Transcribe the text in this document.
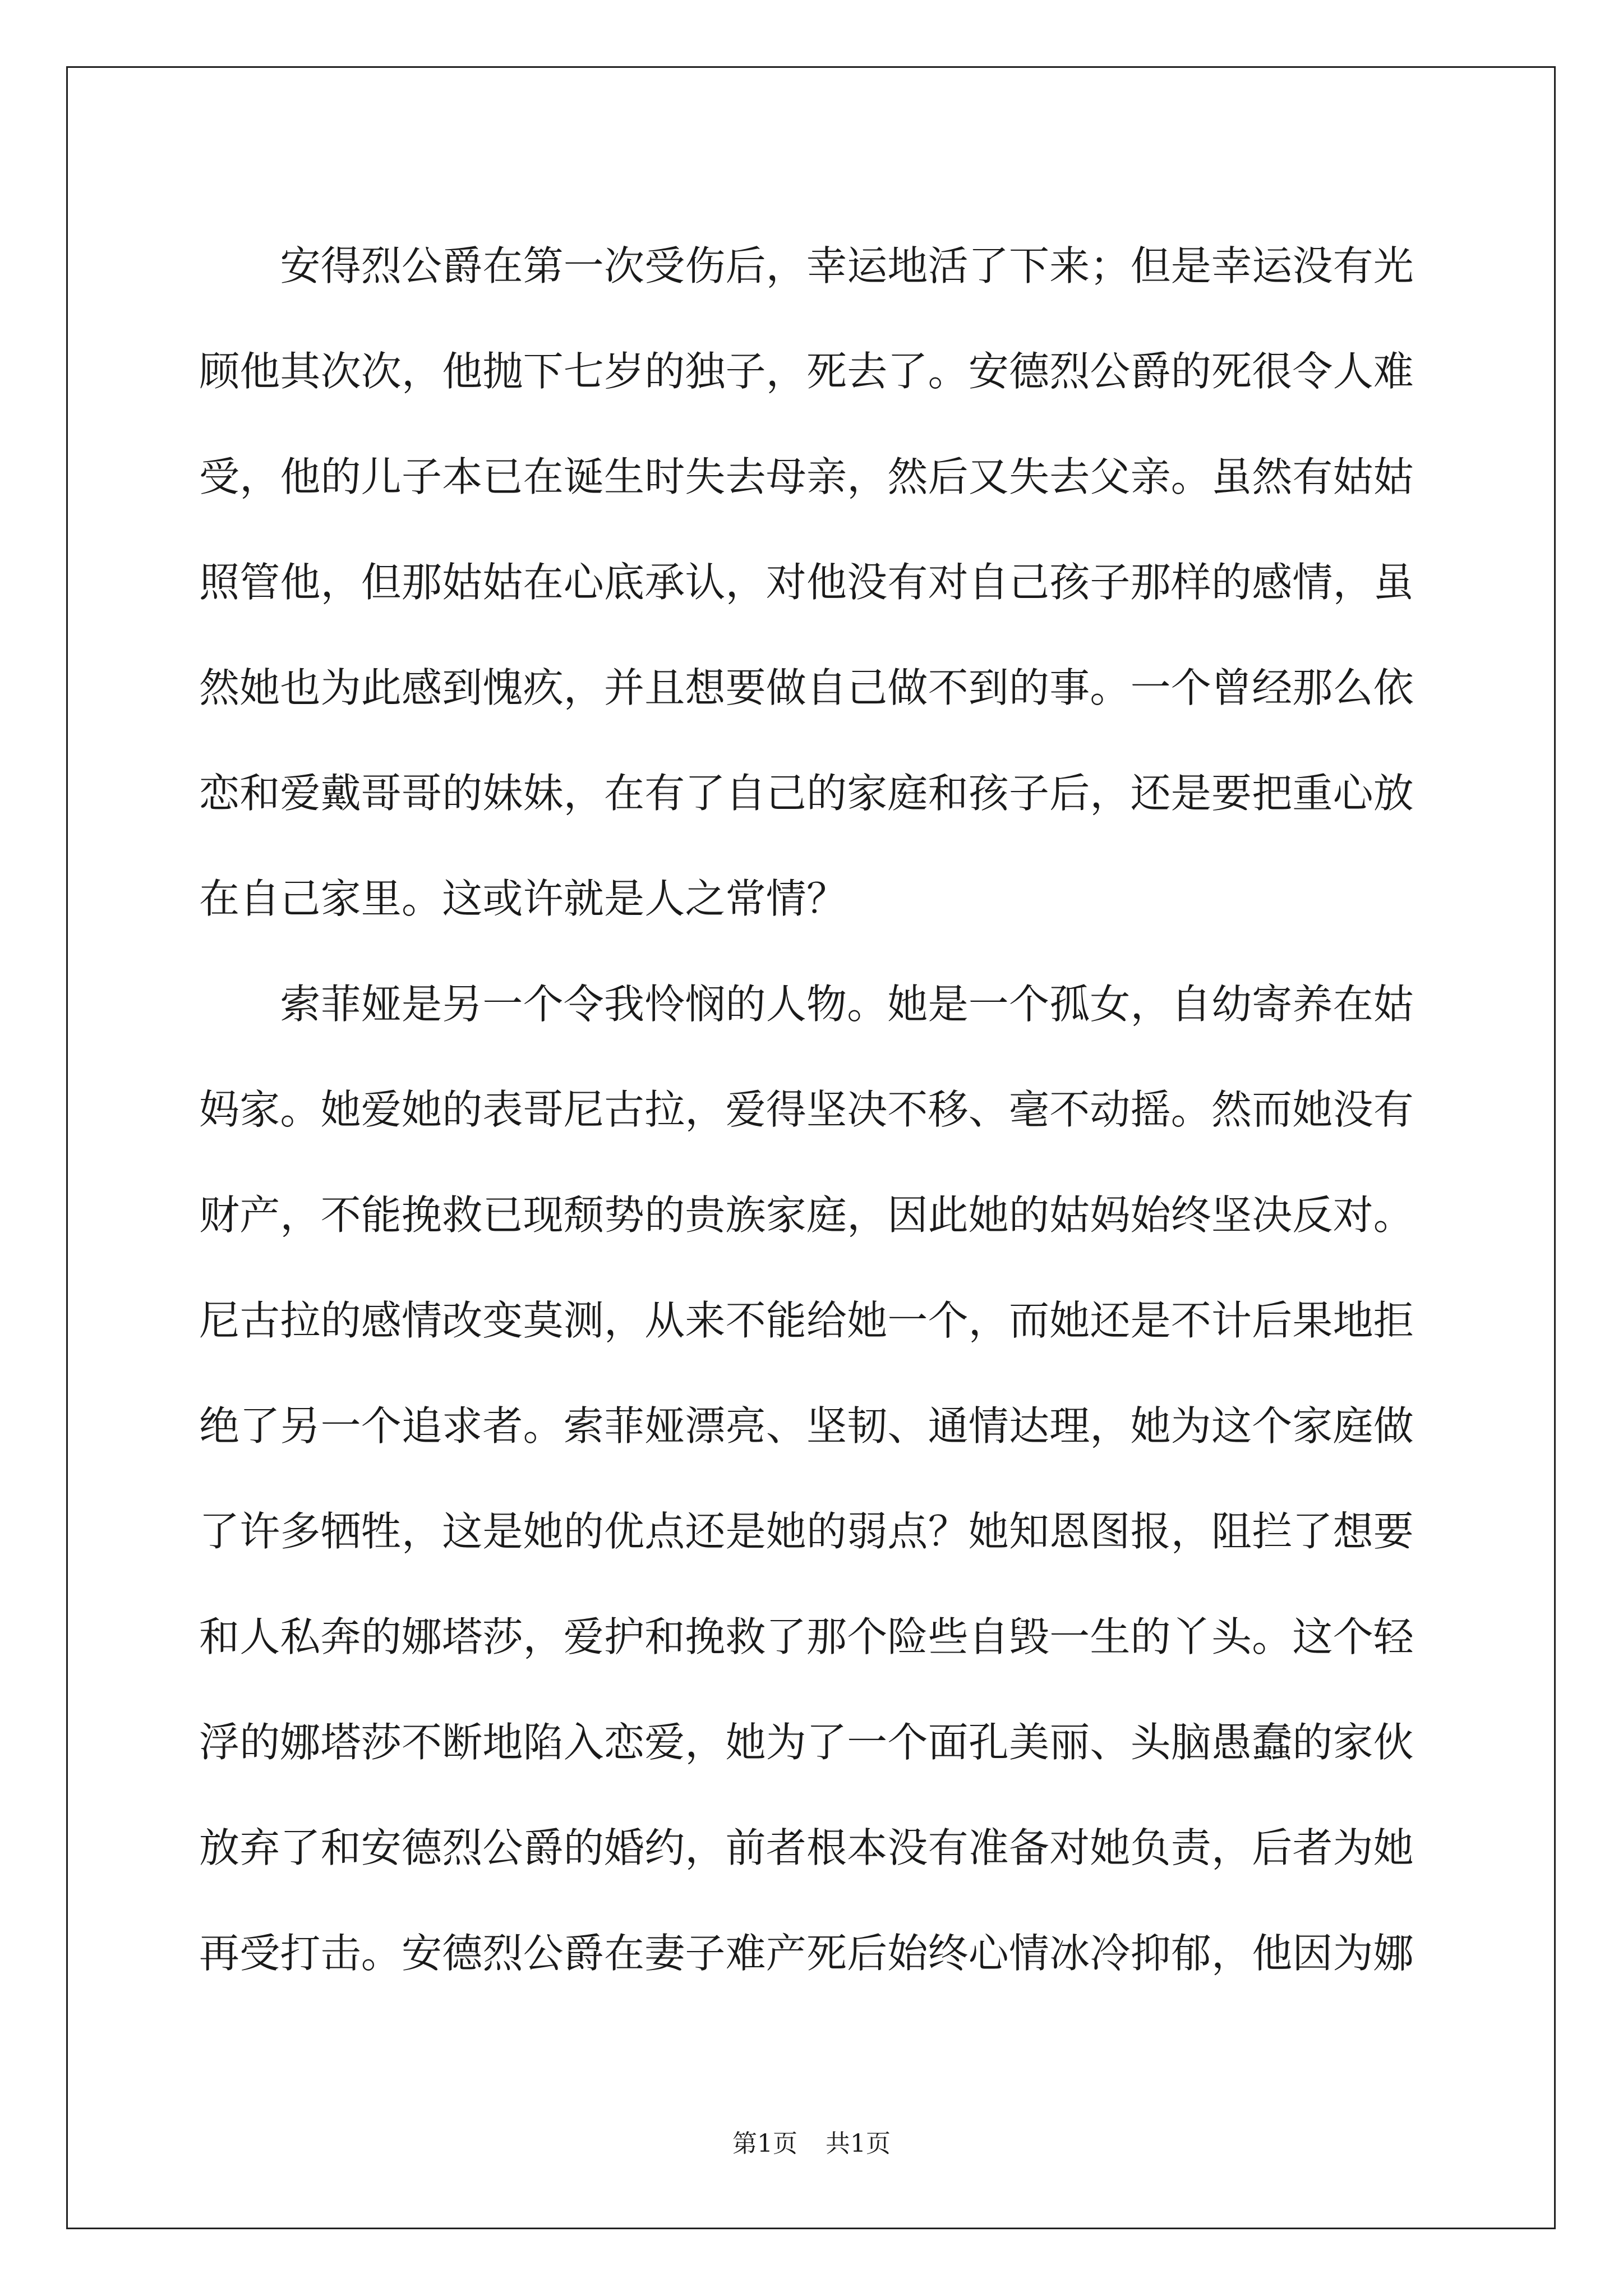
　　安得烈公爵在第一次受伤后，幸运地活了下来；但是幸运没有光
顾他其次次，他抛下七岁的独子，死去了。安德烈公爵的死很令人难
受，他的儿子本已在诞生时失去母亲，然后又失去父亲。虽然有姑姑
照管他，但那姑姑在心底承认，对他没有对自己孩子那样的感情，虽
然她也为此感到愧疚，并且想要做自己做不到的事。一个曾经那么依
恋和爱戴哥哥的妹妹，在有了自己的家庭和孩子后，还是要把重心放
在自己家里。这或许就是人之常情？
　　索菲娅是另一个令我怜悯的人物。她是一个孤女，自幼寄养在姑
妈家。她爱她的表哥尼古拉，爱得坚决不移、毫不动摇。然而她没有
财产，不能挽救已现颓势的贵族家庭，因此她的姑妈始终坚决反对。
尼古拉的感情改变莫测，从来不能给她一个，而她还是不计后果地拒
绝了另一个追求者。索菲娅漂亮、坚韧、通情达理，她为这个家庭做
了许多牺牲，这是她的优点还是她的弱点？她知恩图报，阻拦了想要
和人私奔的娜塔莎，爱护和挽救了那个险些自毁一生的丫头。这个轻
浮的娜塔莎不断地陷入恋爱，她为了一个面孔美丽、头脑愚蠢的家伙
放弃了和安德烈公爵的婚约，前者根本没有准备对她负责，后者为她
再受打击。安德烈公爵在妻子难产死后始终心情冰冷抑郁，他因为娜
第1页 共1页
